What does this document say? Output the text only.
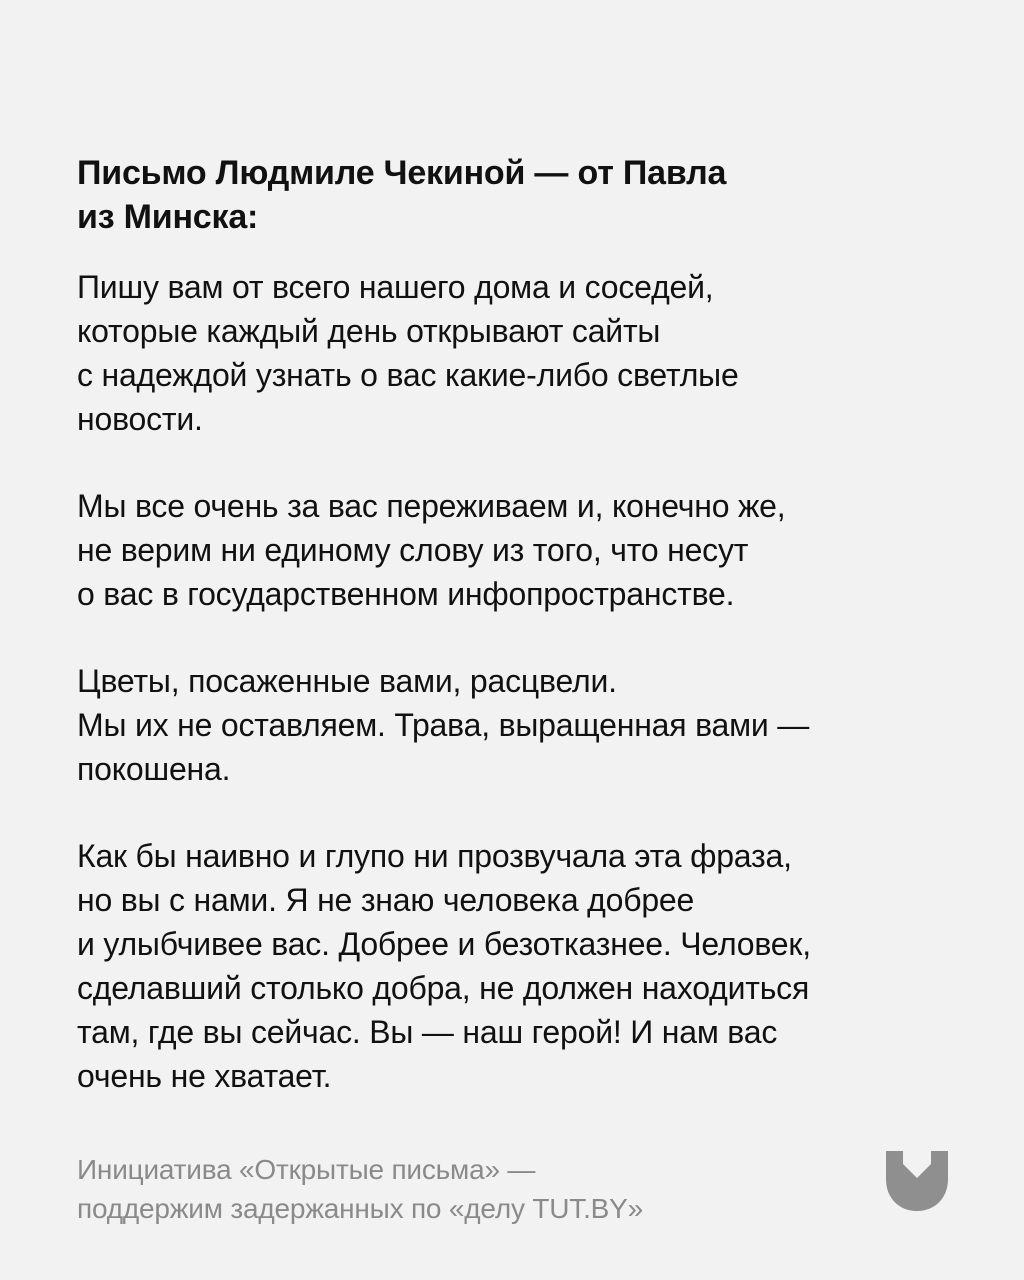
Письмо Людмиле Чекиной — от Павла
из Минска:
Пишу вам от всего нашего дома и соседей,
которые каждый день открывают сайты
с надеждой узнать о вас какие-либо светлые
новости.
Мы все очень за вас переживаем и, конечно же,
не верим ни единому слову из того, что несут
о вас в государственном инфопространстве.
Цветы, посаженные вами, расцвели.
Мы их не оставляем. Трава, выращенная вами —
покошена.
Как бы наивно и глупо ни прозвучала эта фраза,
но вы с нами. Я не знаю человека добрее
и улыбчивее вас. Добрее и безотказнее. Человек,
сделавший столько добра, не должен находиться
там, где вы сейчас. Вы — наш герой! И нам вас
очень не хватает.
Инициатива «Открытые письма» —
поддержим задержанных по «делу TUT.BY»
